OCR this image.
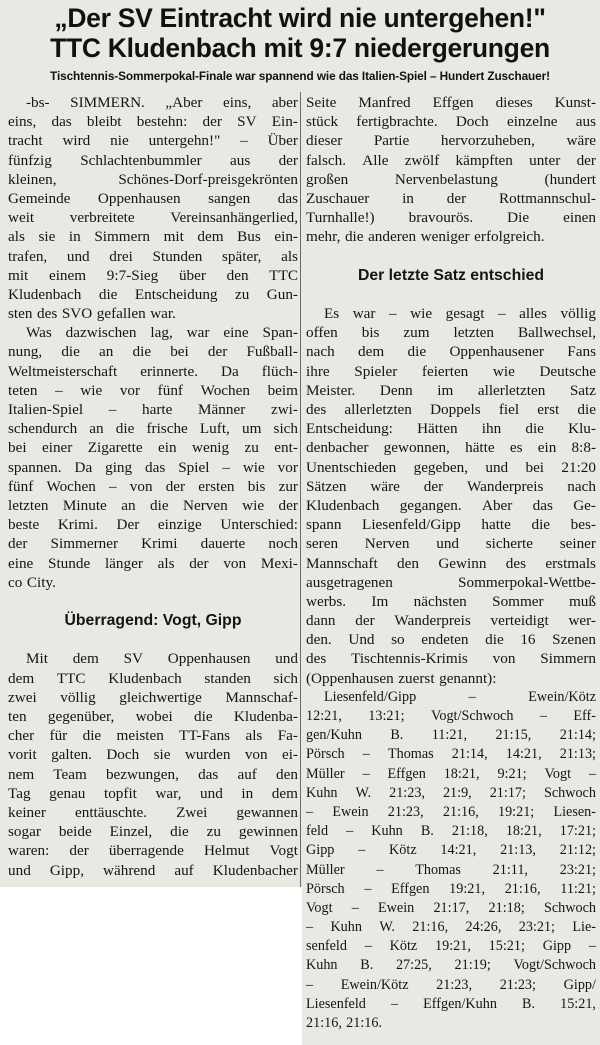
„Der SV Eintracht wird nie untergehen!"
TTC Kludenbach mit 9:7 niedergerungen
Tischtennis-Sommerpokal-Finale war spannend wie das Italien-Spiel – Hundert Zuschauer!
-bs- SIMMERN. „Aber eins, aber
eins, das bleibt bestehn: der SV Ein-
tracht wird nie untergehn!" – Über
fünfzig Schlachtenbummler aus der
kleinen,	Schönes-Dorf-preisgekrönten
Gemeinde Oppenhausen sangen das
weit verbreitete Vereinsanhängerlied,
als sie in Simmern mit dem Bus ein-
trafen, und drei Stunden später, als
mit einem 9:7-Sieg über den TTC
Kludenbach die Entscheidung zu Gun-
sten des SVO gefallen war.
Was dazwischen lag, war eine Span-
nung, die an die bei der Fußball-
Weltmeisterschaft erinnerte. Da flüch-
teten – wie vor fünf Wochen beim
Italien-Spiel – harte Männer zwi-
schendurch an die frische Luft, um sich
bei einer Zigarette ein wenig zu ent-
spannen. Da ging das Spiel – wie vor
fünf Wochen – von der ersten bis zur
letzten Minute an die Nerven wie der
beste Krimi. Der einzige Unterschied:
der Simmerner Krimi dauerte noch
eine Stunde länger als der von Mexi-
co City.
Überragend: Vogt, Gipp
Mit dem SV Oppenhausen und
dem TTC Kludenbach standen sich
zwei völlig gleichwertige Mannschaf-
ten gegenüber, wobei die Kludenba-
cher für die meisten TT-Fans als Fa-
vorit galten. Doch sie wurden von ei-
nem Team bezwungen, das auf den
Tag genau topfit war, und in dem
keiner enttäuschte. Zwei gewannen
sogar beide Einzel, die zu gewinnen
waren: der überragende Helmut Vogt
und Gipp, während auf Kludenbacher
Seite Manfred Effgen dieses Kunst-
stück fertigbrachte. Doch einzelne aus
dieser Partie hervorzuheben, wäre
falsch. Alle zwölf kämpften unter der
großen	Nervenbelastung	(hundert
Zuschauer in der Rottmannschul-
Turnhalle!) bravourös. Die einen
mehr, die anderen weniger erfolgreich.
Der letzte Satz entschied
Es war – wie gesagt – alles völlig
offen bis zum letzten Ballwechsel,
nach dem die Oppenhausener Fans
ihre Spieler feierten wie Deutsche
Meister. Denn im allerletzten Satz
des allerletzten Doppels fiel erst die
Entscheidung: Hätten ihn die Klu-
denbacher gewonnen, hätte es ein 8:8-
Unentschieden gegeben, und bei 21:20
Sätzen wäre der Wanderpreis nach
Kludenbach gegangen. Aber das Ge-
spann Liesenfeld/Gipp hatte die bes-
seren Nerven und sicherte seiner
Mannschaft den Gewinn des erstmals
ausgetragenen	Sommerpokal-Wettbe-
werbs. Im nächsten Sommer muß
dann der Wanderpreis verteidigt wer-
den. Und so endeten die 16 Szenen
des Tischtennis-Krimis von Simmern
(Oppenhausen zuerst genannt):
Liesenfeld/Gipp	–	Ewein/Kötz
12:21, 13:21; Vogt/Schwoch – Eff-
gen/Kuhn B. 11:21, 21:15, 21:14;
Pörsch – Thomas 21:14, 14:21, 21:13;
Müller – Effgen 18:21, 9:21; Vogt –
Kuhn W. 21:23, 21:9, 21:17; Schwoch
– Ewein 21:23, 21:16, 19:21; Liesen-
feld – Kuhn B. 21:18, 18:21, 17:21;
Gipp – Kötz 14:21, 21:13, 21:12;
Müller – Thomas 21:11, 23:21;
Pörsch – Effgen 19:21, 21:16, 11:21;
Vogt – Ewein 21:17, 21:18; Schwoch
– Kuhn W. 21:16, 24:26, 23:21; Lie-
senfeld – Kötz 19:21, 15:21; Gipp –
Kuhn B. 27:25, 21:19; Vogt/Schwoch
– Ewein/Kötz 21:23, 21:23; Gipp/
Liesenfeld – Effgen/Kuhn B. 15:21,
21:16, 21:16.
